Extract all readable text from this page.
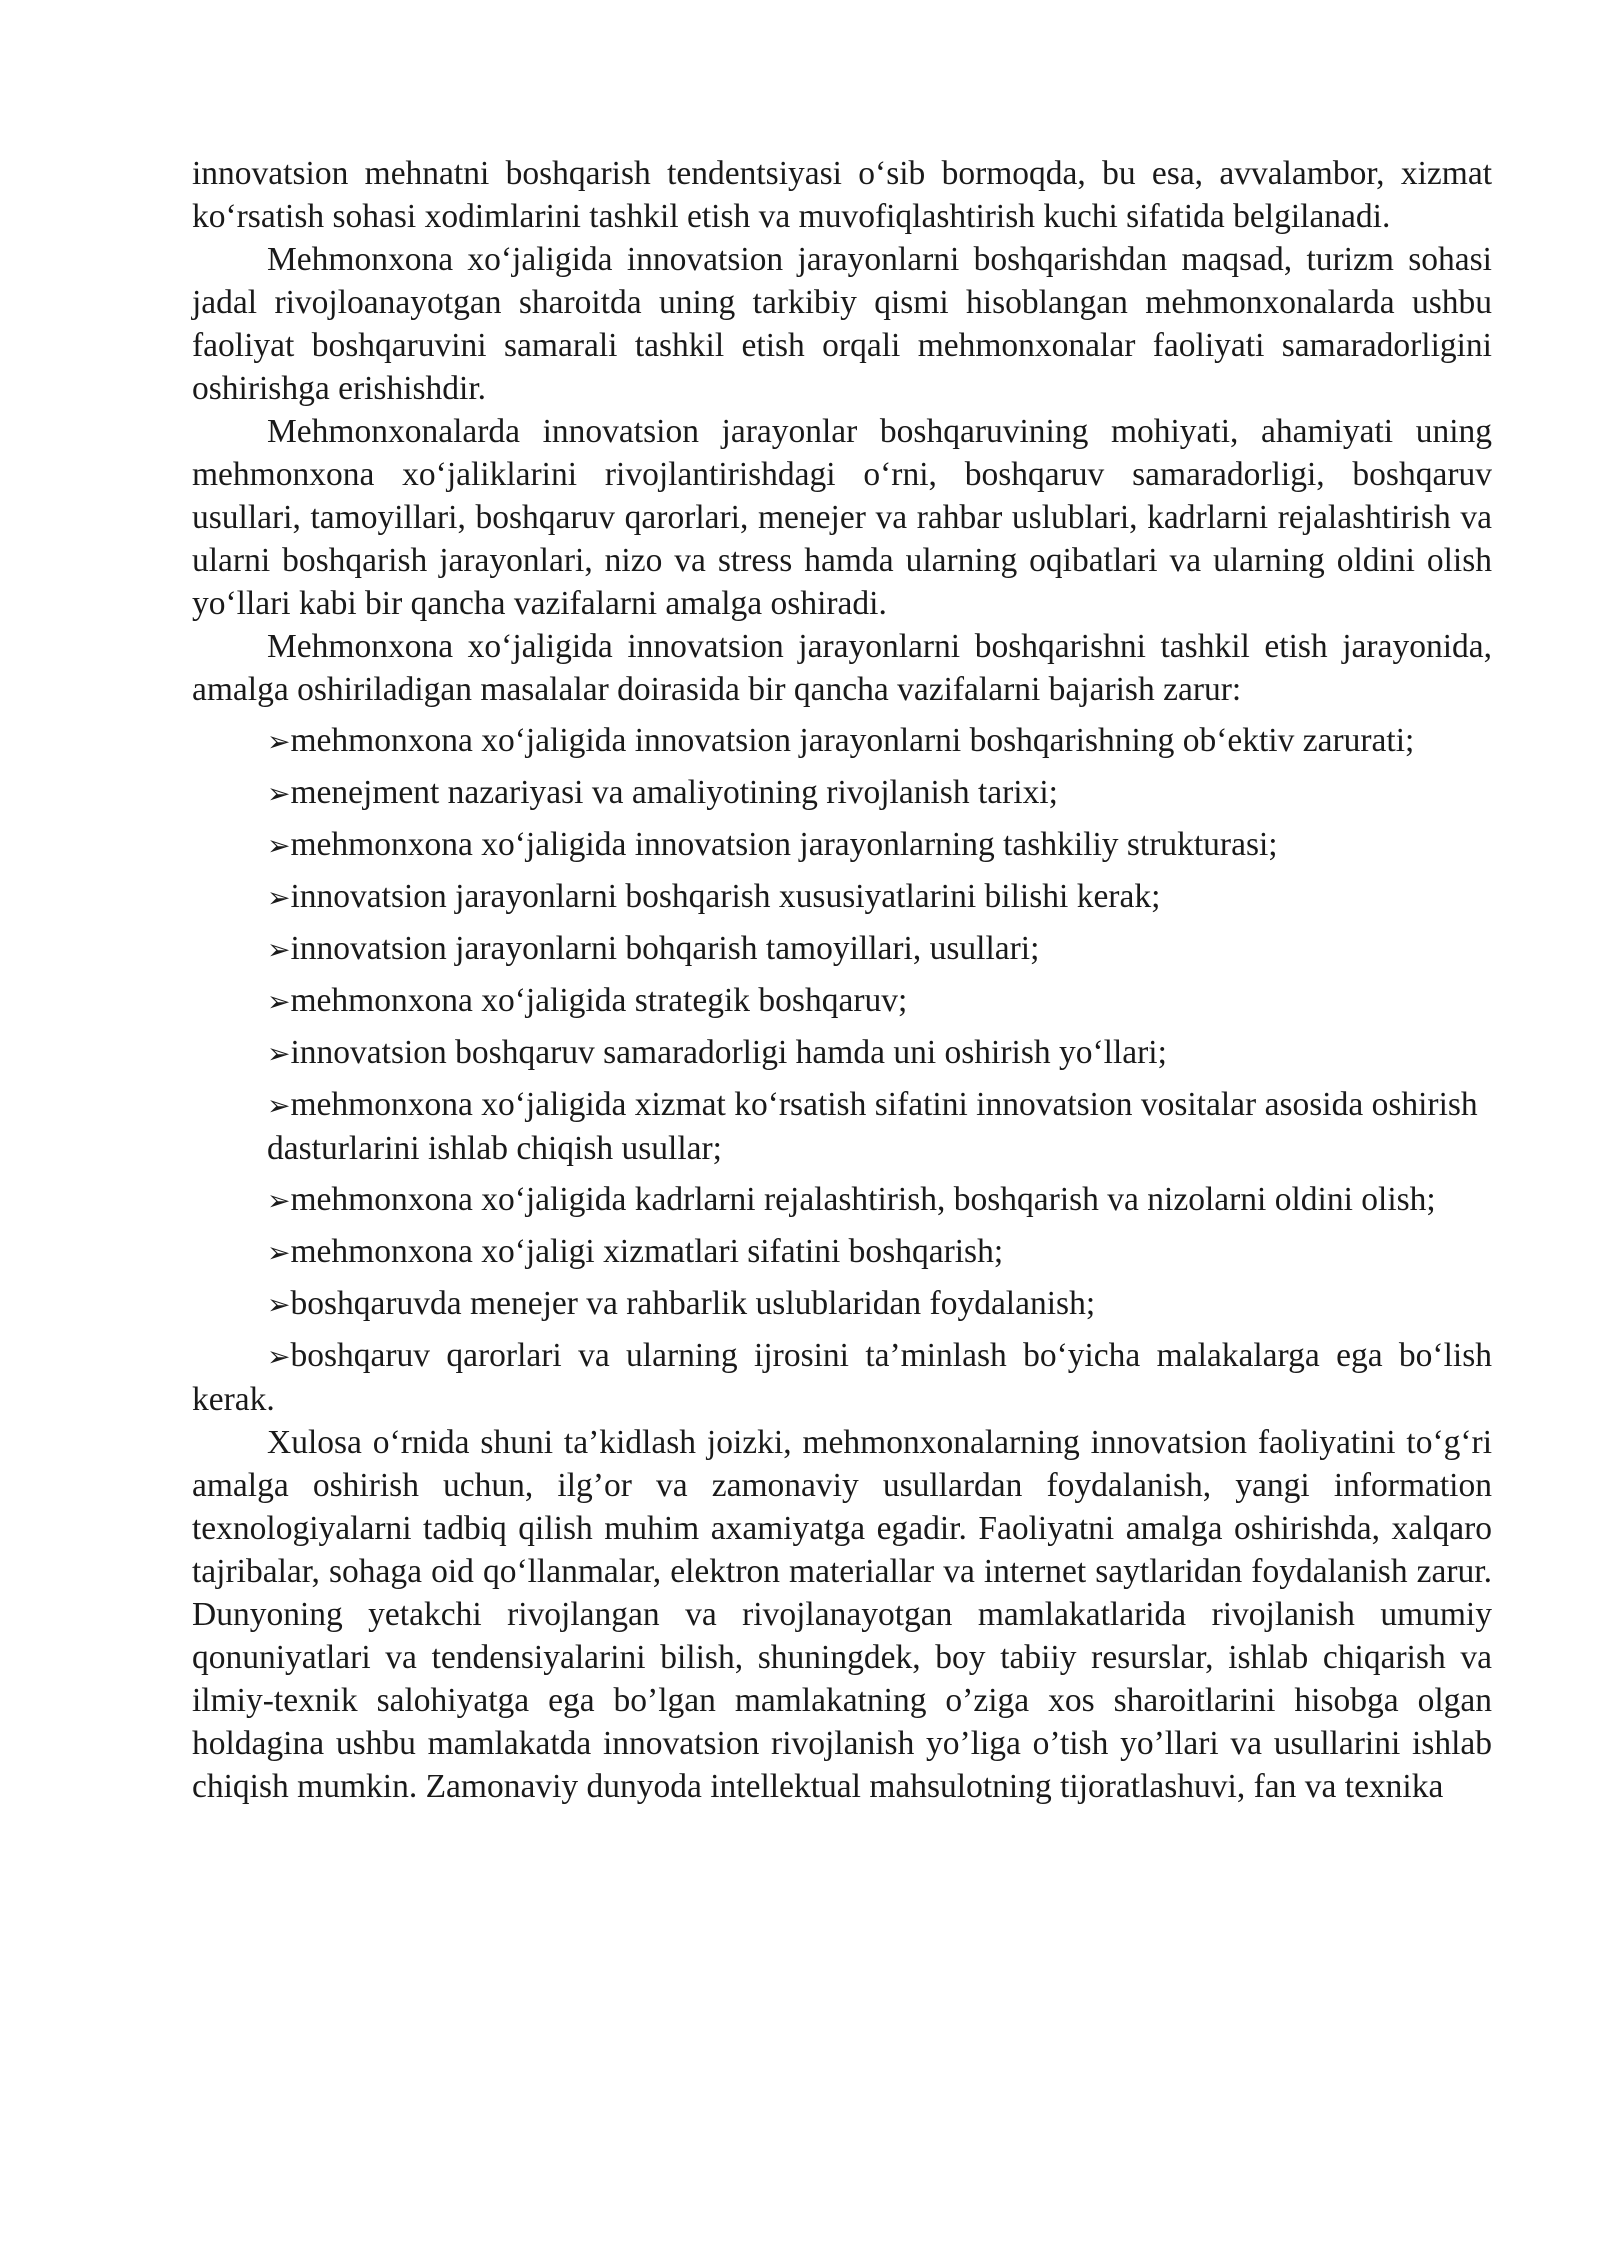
innovatsion mehnatni boshqarish tendentsiyasi o‘sib bormoqda, bu esa, avvalambor, xizmat ko‘rsatish sohasi xodimlarini tashkil etish va muvofiqlashtirish kuchi sifatida belgilanadi.

Mehmonxona xo‘jaligida innovatsion jarayonlarni boshqarishdan maqsad, turizm sohasi jadal rivojloanayotgan sharoitda uning tarkibiy qismi hisoblangan mehmonxonalarda ushbu faoliyat boshqaruvini samarali tashkil etish orqali mehmonxonalar faoliyati samaradorligini oshirishga erishishdir.

Mehmonxonalarda innovatsion jarayonlar boshqaruvining mohiyati, ahamiyati uning mehmonxona xo‘jaliklarini rivojlantirishdagi o‘rni, boshqaruv samaradorligi, boshqaruv usullari, tamoyillari, boshqaruv qarorlari, menejer va rahbar uslublari, kadrlarni rejalashtirish va ularni boshqarish jarayonlari, nizo va stress hamda ularning oqibatlari va ularning oldini olish yo‘llari kabi bir qancha vazifalarni amalga oshiradi.

Mehmonxona xo‘jaligida innovatsion jarayonlarni boshqarishni tashkil etish jarayonida, amalga oshiriladigan masalalar doirasida bir qancha vazifalarni bajarish zarur:

➢mehmonxona xo‘jaligida innovatsion jarayonlarni boshqarishning ob‘ektiv zarurati;

➢menejment nazariyasi va amaliyotining rivojlanish tarixi;

➢mehmonxona xo‘jaligida innovatsion jarayonlarning tashkiliy strukturasi;

➢innovatsion jarayonlarni boshqarish xususiyatlarini bilishi kerak;

➢innovatsion jarayonlarni bohqarish tamoyillari, usullari;

➢mehmonxona xo‘jaligida strategik boshqaruv;

➢innovatsion boshqaruv samaradorligi hamda uni oshirish yo‘llari;

➢mehmonxona xo‘jaligida xizmat ko‘rsatish sifatini innovatsion vositalar asosida oshirish

dasturlarini ishlab chiqish usullar;

➢mehmonxona xo‘jaligida kadrlarni rejalashtirish, boshqarish va nizolarni oldini olish;

➢mehmonxona xo‘jaligi xizmatlari sifatini boshqarish;

➢boshqaruvda menejer va rahbarlik uslublaridan foydalanish;

➢boshqaruv qarorlari va ularning ijrosini ta’minlash bo‘yicha malakalarga ega bo‘lish kerak.

Xulosa o‘rnida shuni ta’kidlash joizki, mehmonxonalarning innovatsion faoliyatini to‘g‘ri amalga oshirish uchun, ilg’or va zamonaviy usullardan foydalanish, yangi information texnologiyalarni tadbiq qilish muhim axamiyatga egadir. Faoliyatni amalga oshirishda, xalqaro tajribalar, sohaga oid qo‘llanmalar, elektron materiallar va internet saytlaridan foydalanish zarur. Dunyoning yetakchi rivojlangan va rivojlanayotgan mamlakatlarida rivojlanish umumiy qonuniyatlari va tendensiyalarini bilish, shuningdek, boy tabiiy resurslar, ishlab chiqarish va ilmiy-texnik salohiyatga ega bo’lgan mamlakatning o’ziga xos sharoitlarini hisobga olgan holdagina ushbu mamlakatda innovatsion rivojlanish yo’liga o’tish yo’llari va usullarini ishlab chiqish mumkin. Zamonaviy dunyoda intellektual mahsulotning tijoratlashuvi, fan va texnika
